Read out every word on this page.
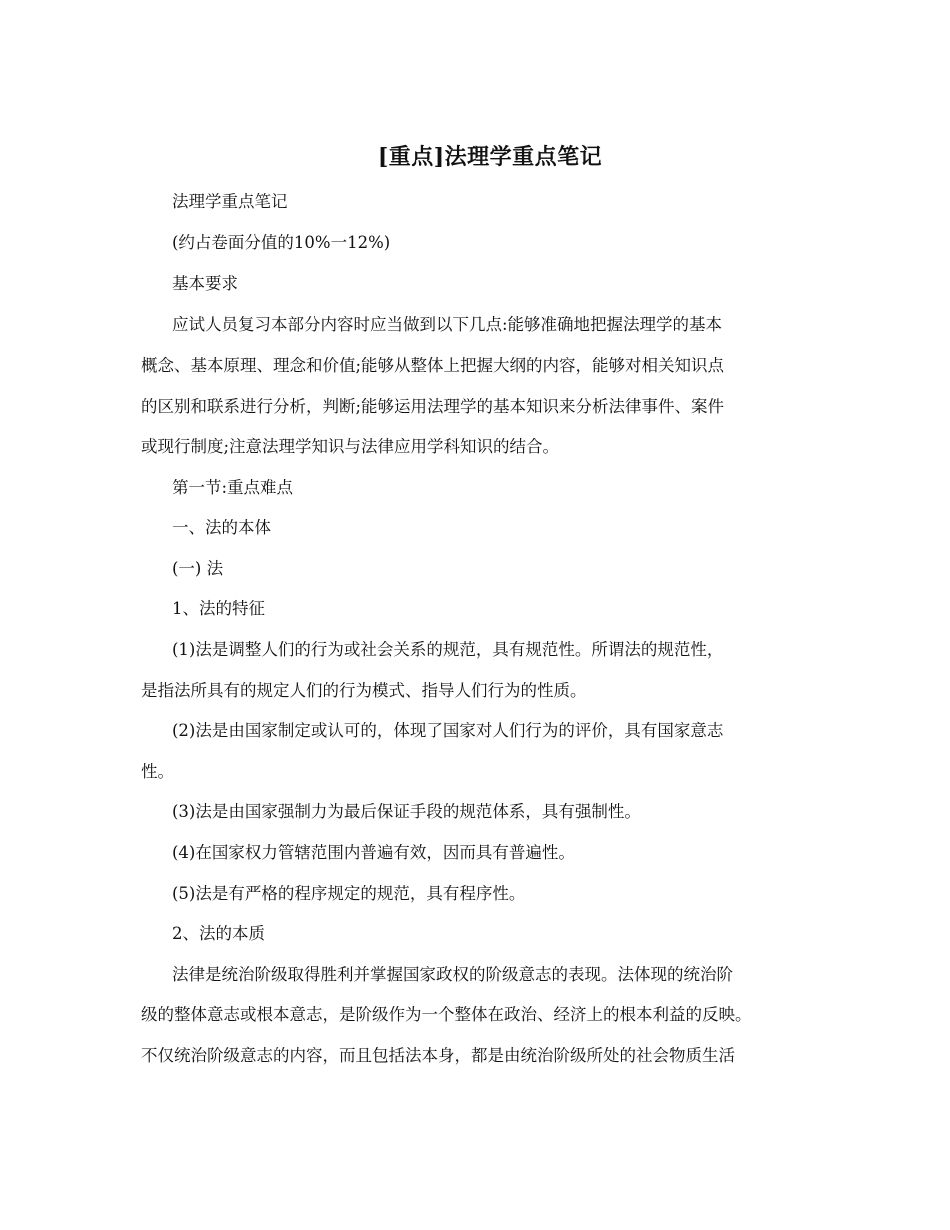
[重点]法理学重点笔记
法理学重点笔记
(约占卷面分值的10%一12%)
基本要求
应试人员复习本部分内容时应当做到以下几点:能够准确地把握法理学的基本
概念、基本原理、理念和价值;能够从整体上把握大纲的内容，能够对相关知识点
的区别和联系进行分析，判断;能够运用法理学的基本知识来分析法律事件、案件
或现行制度;注意法理学知识与法律应用学科知识的结合。
第一节:重点难点
一、法的本体
(一) 法
1、法的特征
(1)法是调整人们的行为或社会关系的规范，具有规范性。所谓法的规范性，
是指法所具有的规定人们的行为模式、指导人们行为的性质。
(2)法是由国家制定或认可的，体现了国家对人们行为的评价，具有国家意志
性。
(3)法是由国家强制力为最后保证手段的规范体系，具有强制性。
(4)在国家权力管辖范围内普遍有效，因而具有普遍性。
(5)法是有严格的程序规定的规范，具有程序性。
2、法的本质
法律是统治阶级取得胜利并掌握国家政权的阶级意志的表现。法体现的统治阶
级的整体意志或根本意志，是阶级作为一个整体在政治、经济上的根本利益的反映。
不仅统治阶级意志的内容，而且包括法本身，都是由统治阶级所处的社会物质生活
